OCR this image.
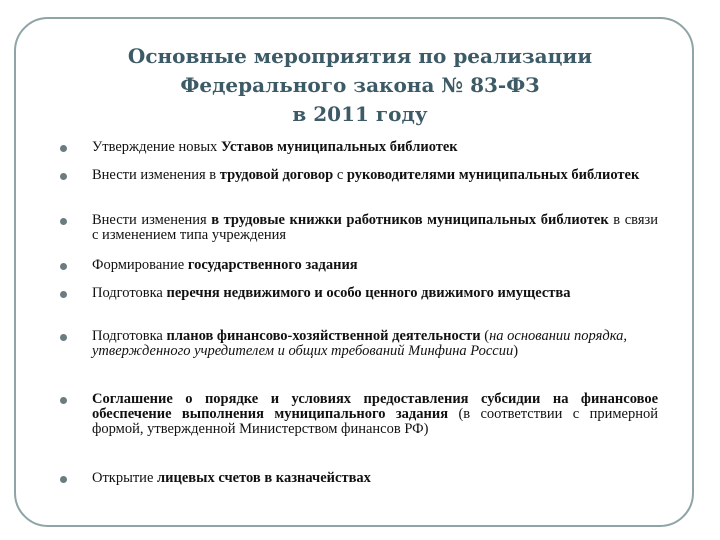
Основные мероприятия по реализации
Федерального закона № 83-ФЗ
в 2011 году
Утверждение новых Уставов муниципальных библиотек
Внести изменения в трудовой договор с руководителями муниципальных библиотек
Внести изменения в трудовые книжки работников муниципальных библиотек в связи с изменением типа учреждения
Формирование государственного задания
Подготовка перечня недвижимого и особо ценного движимого имущества
Подготовка планов финансово-хозяйственной деятельности (на основании порядка, утвержденного учредителем и общих требований Минфина России)
Соглашение о порядке и условиях предоставления субсидии на финансовое обеспечение выполнения муниципального задания (в соответствии с примерной формой, утвержденной Министерством финансов РФ)
Открытие лицевых счетов в казначействах
